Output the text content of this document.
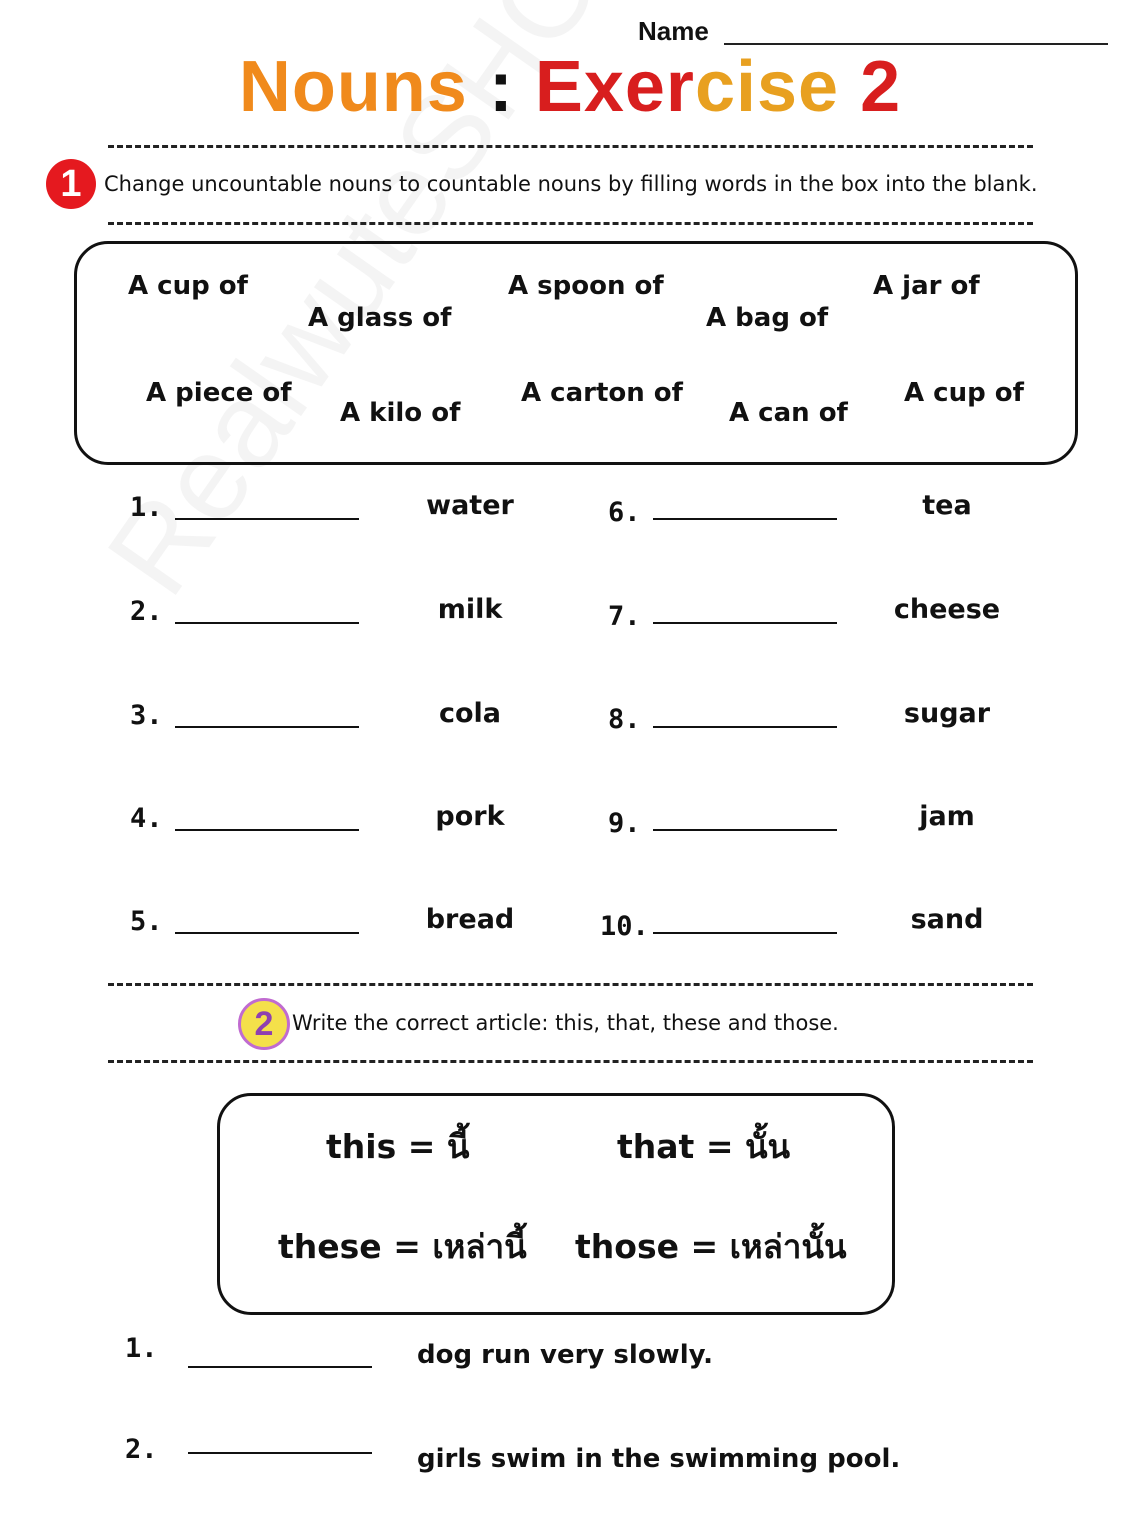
Name
Nouns : Exercise 2
1	Change uncountable nouns to countable nouns by filling words in the box into the blank.
A cup of
A glass of
A spoon of
A bag of
A jar of
A piece of
A kilo of
A carton of
A can of
A cup of
1.	water
2.	milk
3.	cola
4.	pork
5.	bread
6.	tea
7.	cheese
8.	sugar
9.	jam
10.	sand
2 Write the correct article: this, that, these and those.
this = นี้	that = นั้น
these = เหล่านี้ those = เหล่านั้น
1.	dog run very slowly.
2.	girls swim in the swimming pool.
